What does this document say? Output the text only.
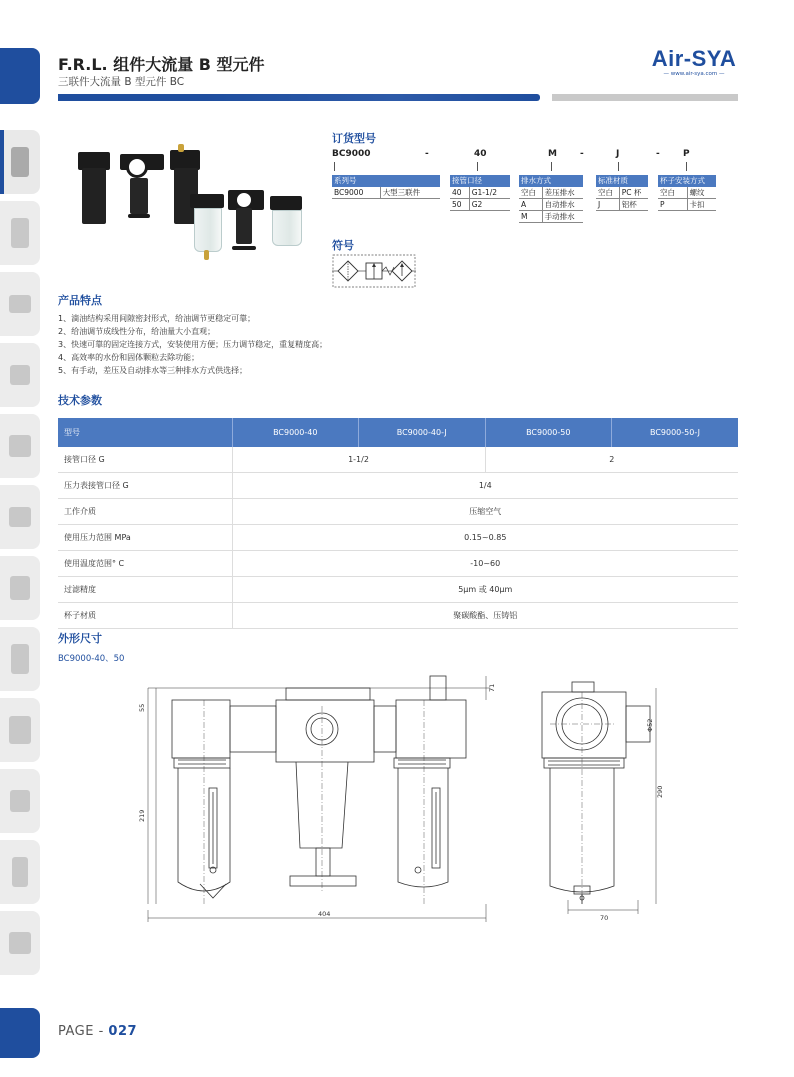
F.R.L. 组件大流量 B 型元件
三联件大流量 B 型元件 BC
Air-SYA
— www.air-sya.com —
订货型号
BC9000	-	40	M	-	J	-	P
系列号
BC9000	大型三联件
接管口径	
40	G1-1/2
50	G2
排水方式	
空白	差压排水
A	自动排水
M	手动排水
标准材质	
空白	PC 杯
J	铝杯
杯子安装方式	
空白	螺纹
P	卡扣
符号
产品特点
1、滴油结构采用间隙密封形式，给油调节更稳定可靠；
2、给油调节成线性分布，给油量大小直观；
3、快速可靠的固定连接方式，安装使用方便；压力调节稳定，重复精度高；
4、高效率的水份和固体颗粒去除功能；
5、有手动，差压及自动排水等三种排水方式供选择；
技术参数
型号	BC9000-40	BC9000-40-J	BC9000-50	BC9000-50-J
接管口径 G	1-1/2		2	
压力表接管口径 G	1/4			
工作介质	压缩空气			
使用压力范围 MPa	0.15~0.85			
使用温度范围° C	-10~60			
过滤精度	5μm 或 40μm			
杯子材质	聚碳酸酯、压铸铝			
外形尺寸
BC9000-40、50
55
219
71
404
Φ52
290
70
PAGE - 027
